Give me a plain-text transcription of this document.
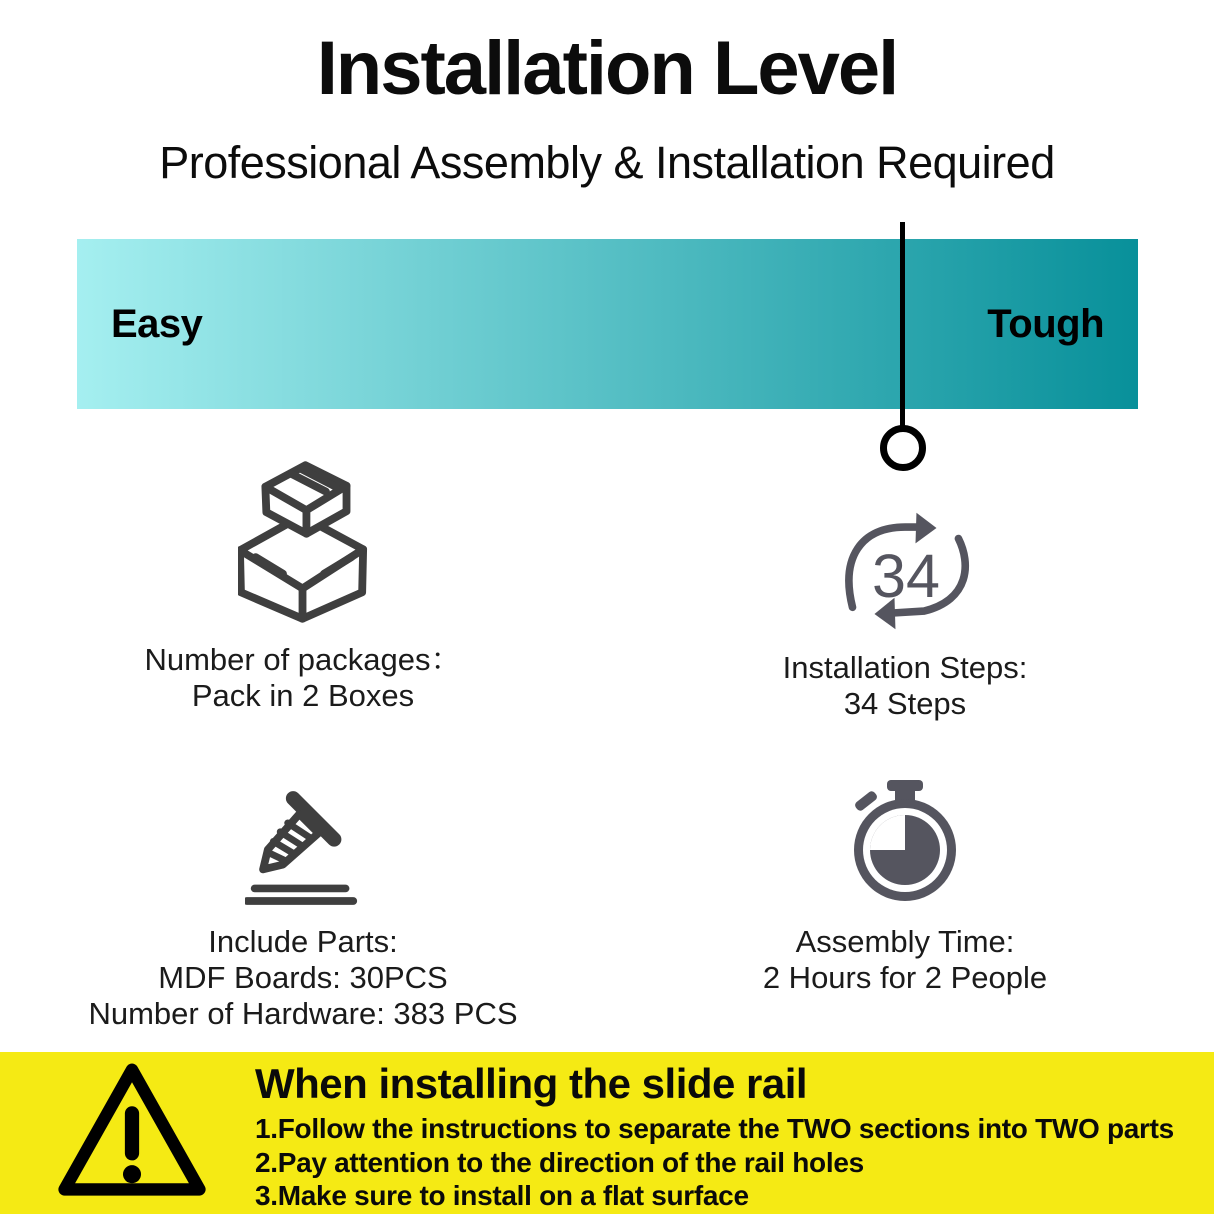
Installation Level
Professional Assembly & Installation Required
Easy	Tough
Number of packages：
Pack in 2 Boxes
34
Installation Steps:
34 Steps
Include Parts:
MDF Boards: 30PCS
Number of Hardware: 383 PCS
Assembly Time:
2 Hours for 2 People
When installing the slide rail
1.Follow the instructions to separate the TWO sections into TWO parts
2.Pay attention to the direction of the rail holes
3.Make sure to install on a flat surface
